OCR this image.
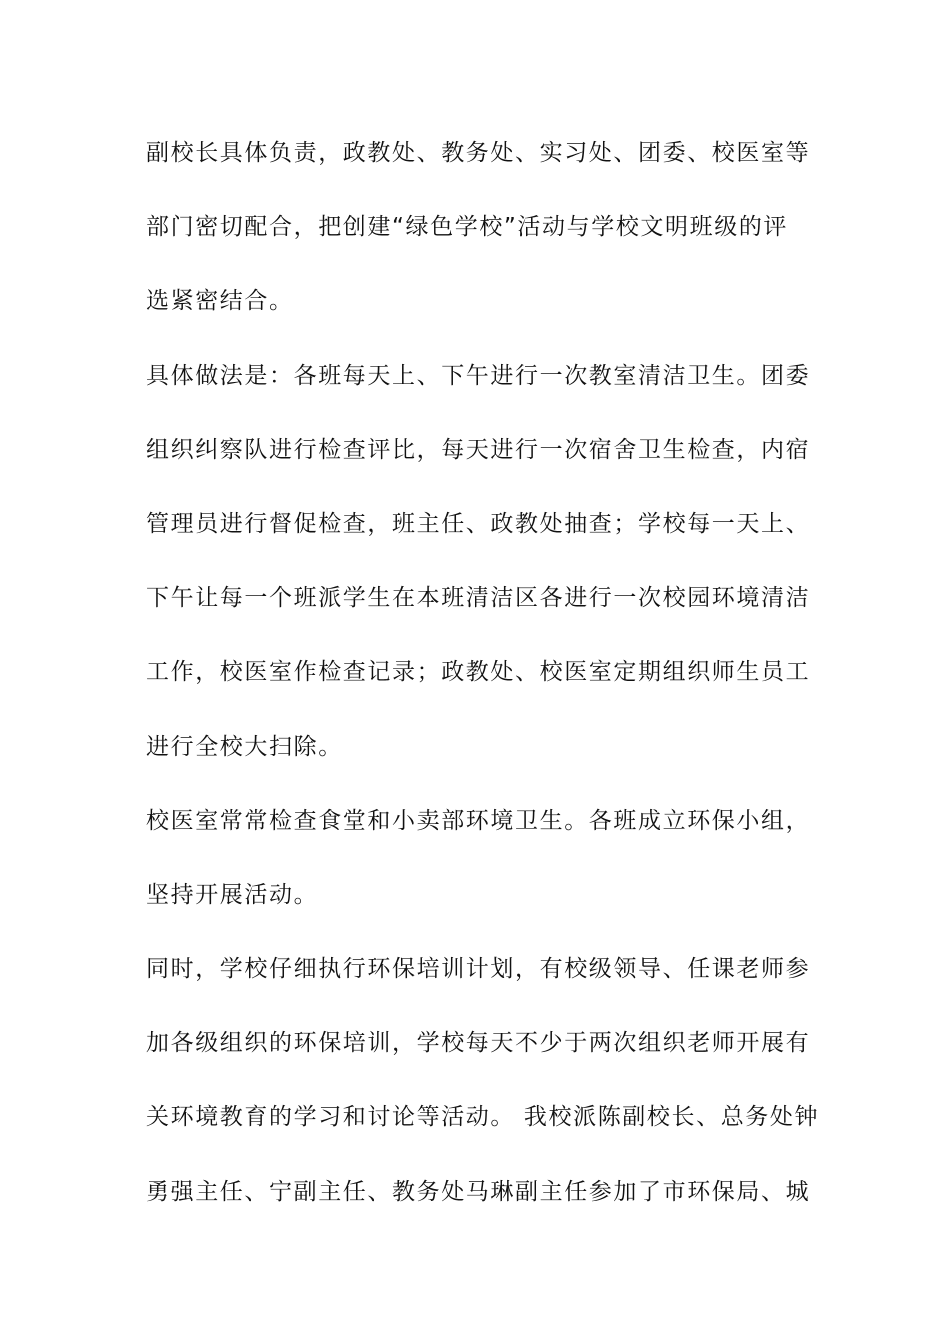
副校长具体负责，政教处、教务处、实习处、团委、校医室等
部门密切配合，把创建“绿色学校”活动与学校文明班级的评
选紧密结合。
具体做法是：各班每天上、下午进行一次教室清洁卫生。团委
组织纠察队进行检查评比，每天进行一次宿舍卫生检查，内宿
管理员进行督促检查，班主任、政教处抽查；学校每一天上、
下午让每一个班派学生在本班清洁区各进行一次校园环境清洁
工作，校医室作检查记录；政教处、校医室定期组织师生员工
进行全校大扫除。
校医室常常检查食堂和小卖部环境卫生。各班成立环保小组，
坚持开展活动。
同时，学校仔细执行环保培训计划，有校级领导、任课老师参
加各级组织的环保培训，学校每天不少于两次组织老师开展有
关环境教育的学习和讨论等活动。 我校派陈副校长、总务处钟
勇强主任、宁副主任、教务处马琳副主任参加了市环保局、城
